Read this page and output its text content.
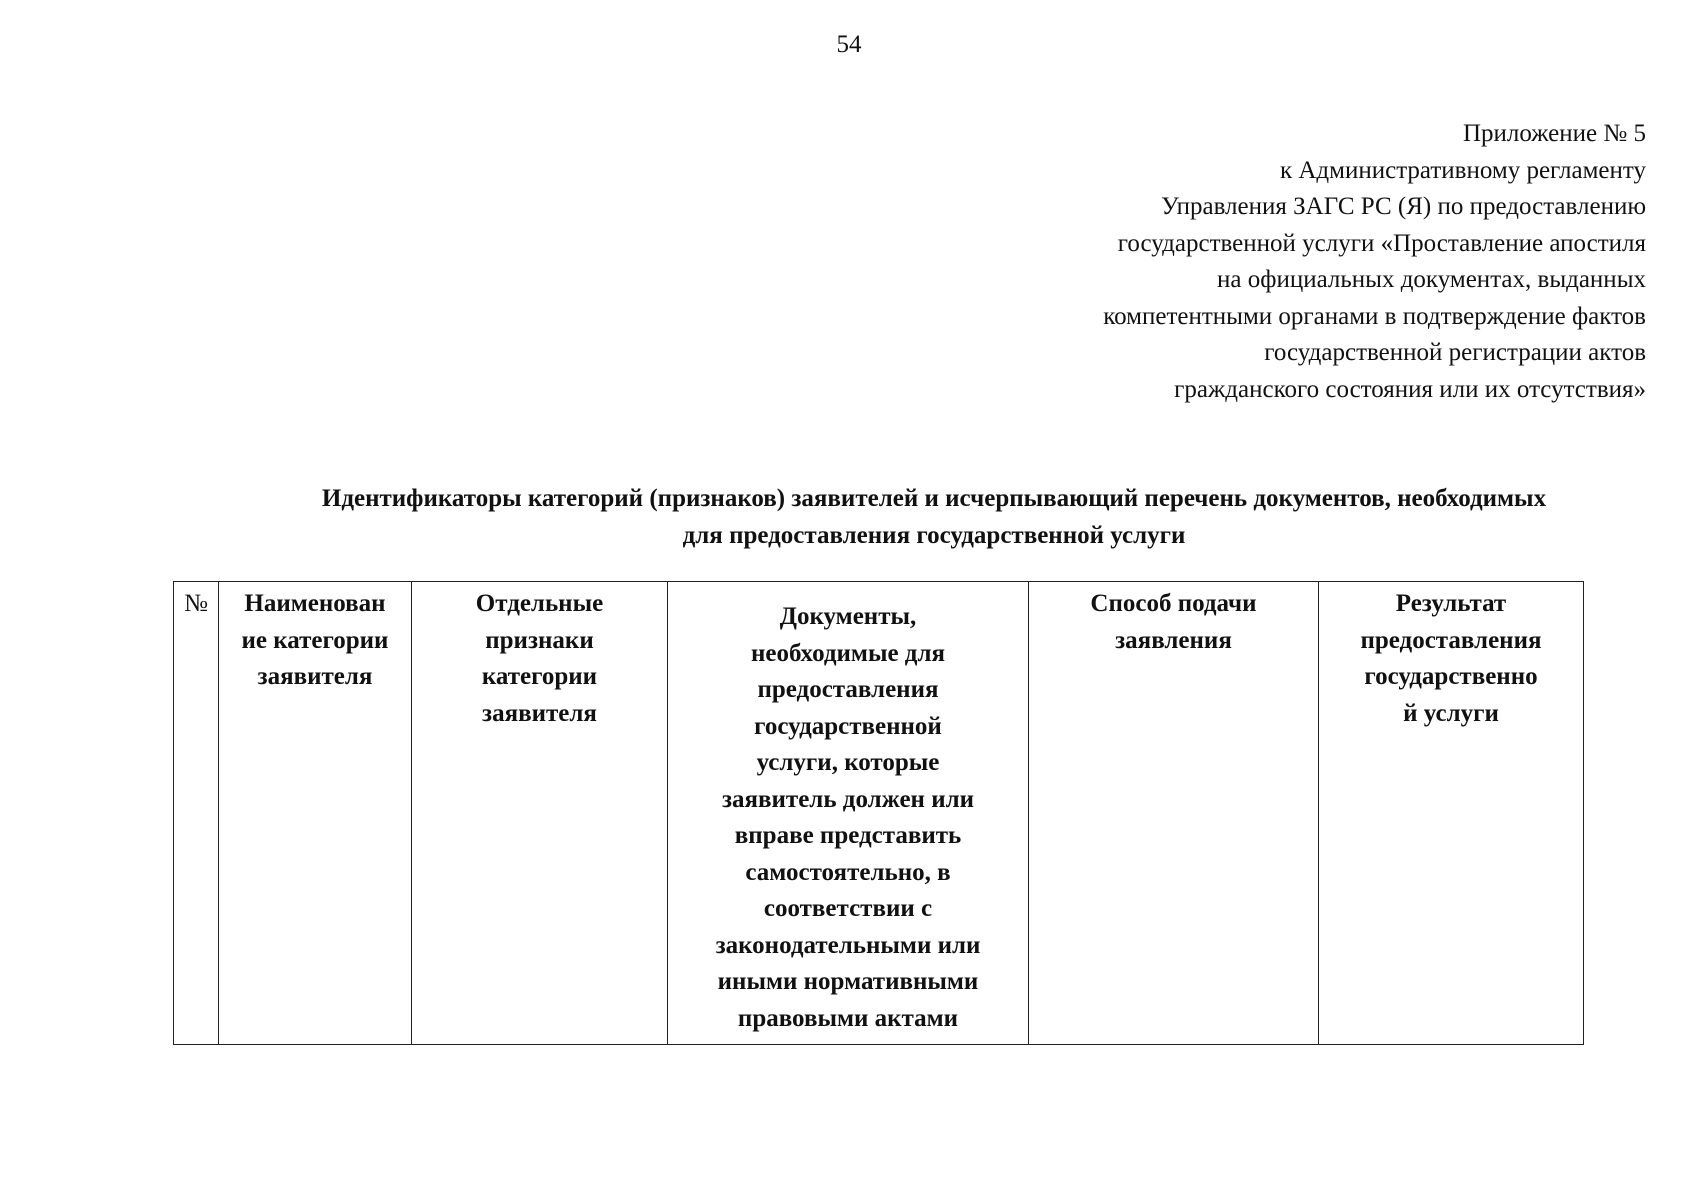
54
Приложение № 5
к Административному регламенту
Управления ЗАГС РС (Я) по предоставлению
государственной услуги «Проставление апостиля
на официальных документах, выданных
компетентными органами в подтверждение фактов
государственной регистрации актов
гражданского состояния или их отсутствия»
Идентификаторы категорий (признаков) заявителей и исчерпывающий перечень документов, необходимых
для предоставления государственной услуги
№	Наименован
ие категории
заявителя	Отдельные
признаки
категории
заявителя	Документы,
необходимые для
предоставления
государственной
услуги, которые
заявитель должен или
вправе представить
самостоятельно, в
соответствии с
законодательными или
иными нормативными
правовыми актами	Способ подачи
заявления	Результат
предоставления
государственно
й услуги
